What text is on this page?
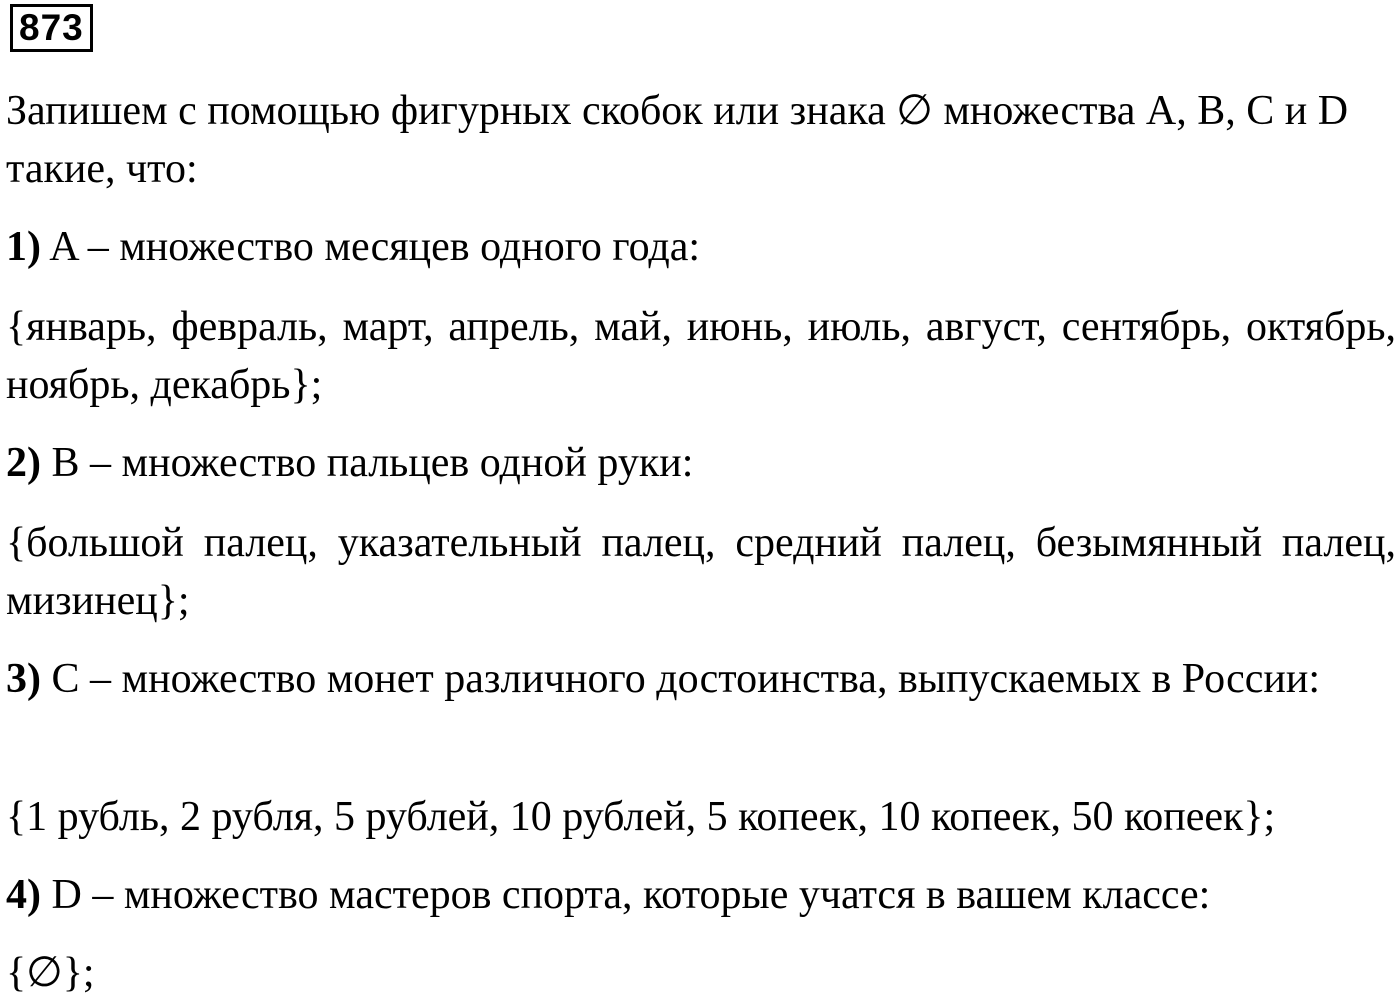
873

Запишем с помощью фигурных скобок или знака ∅ множества A, B, C и D такие, что:

1) A – множество месяцев одного года:

{январь, февраль, март, апрель, май, июнь, июль, август, сентябрь, октябрь, ноябрь, декабрь};

2) B – множество пальцев одной руки:

{большой палец, указательный палец, средний палец, безымянный палец, мизинец};

3) C – множество монет различного достоинства, выпускаемых в России:

{1 рубль, 2 рубля, 5 рублей, 10 рублей, 5 копеек, 10 копеек, 50 копеек};

4) D – множество мастеров спорта, которые учатся в вашем классе:

{∅};
